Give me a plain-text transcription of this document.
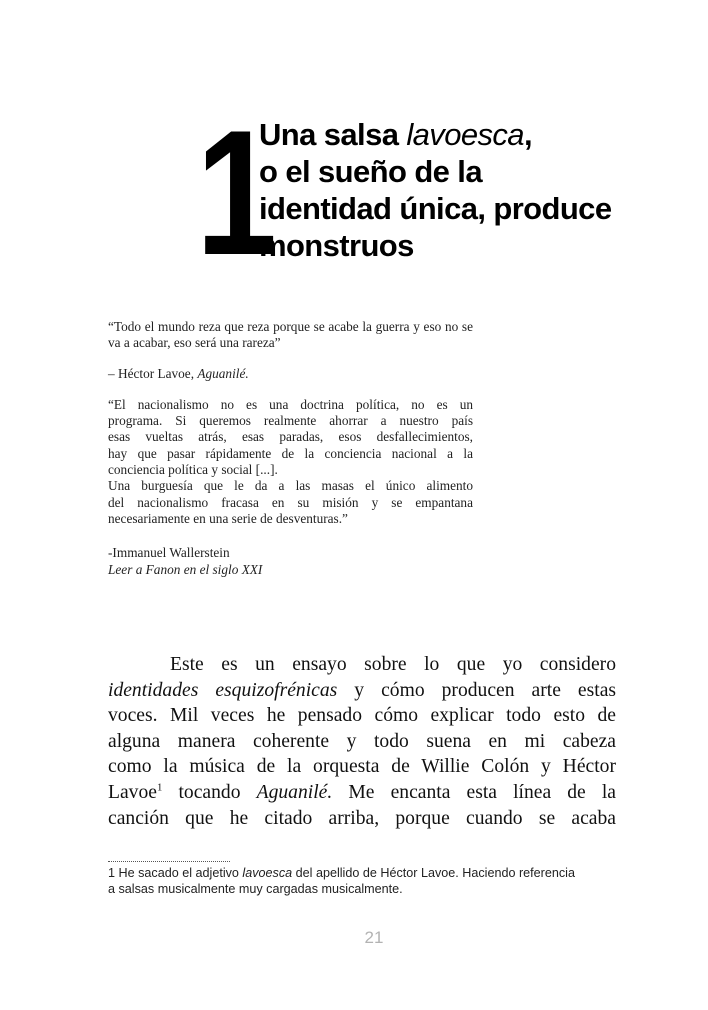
1
Una salsa lavoesca,
o el sueño de la
identidad única, produce
monstruos

“Todo el mundo reza que reza porque se acabe la guerra y eso no se va a acabar, eso será una rareza”

– Héctor Lavoe, Aguanilé.

“El nacionalismo no es una doctrina política, no es un
programa. Si queremos realmente ahorrar a nuestro país
esas vueltas atrás, esas paradas, esos desfallecimientos,
hay que pasar rápidamente de la conciencia nacional a la
conciencia política y social [...].
Una burguesía que le da a las masas el único alimento
del nacionalismo fracasa en su misión y se empantana
necesariamente en una serie de desventuras.”

-Immanuel Wallerstein
Leer a Fanon en el siglo XXI

Este es un ensayo sobre lo que yo considero
identidades esquizofrénicas y cómo producen arte estas
voces. Mil veces he pensado cómo explicar todo esto de
alguna manera coherente y todo suena en mi cabeza
como la música de la orquesta de Willie Colón y Héctor
Lavoe$^1$ tocando Aguanilé. Me encanta esta línea de la
canción que he citado arriba, porque cuando se acaba
1 He sacado el adjetivo lavoesca del apellido de Héctor Lavoe. Haciendo referencia
a salsas musicalmente muy cargadas musicalmente.
21
